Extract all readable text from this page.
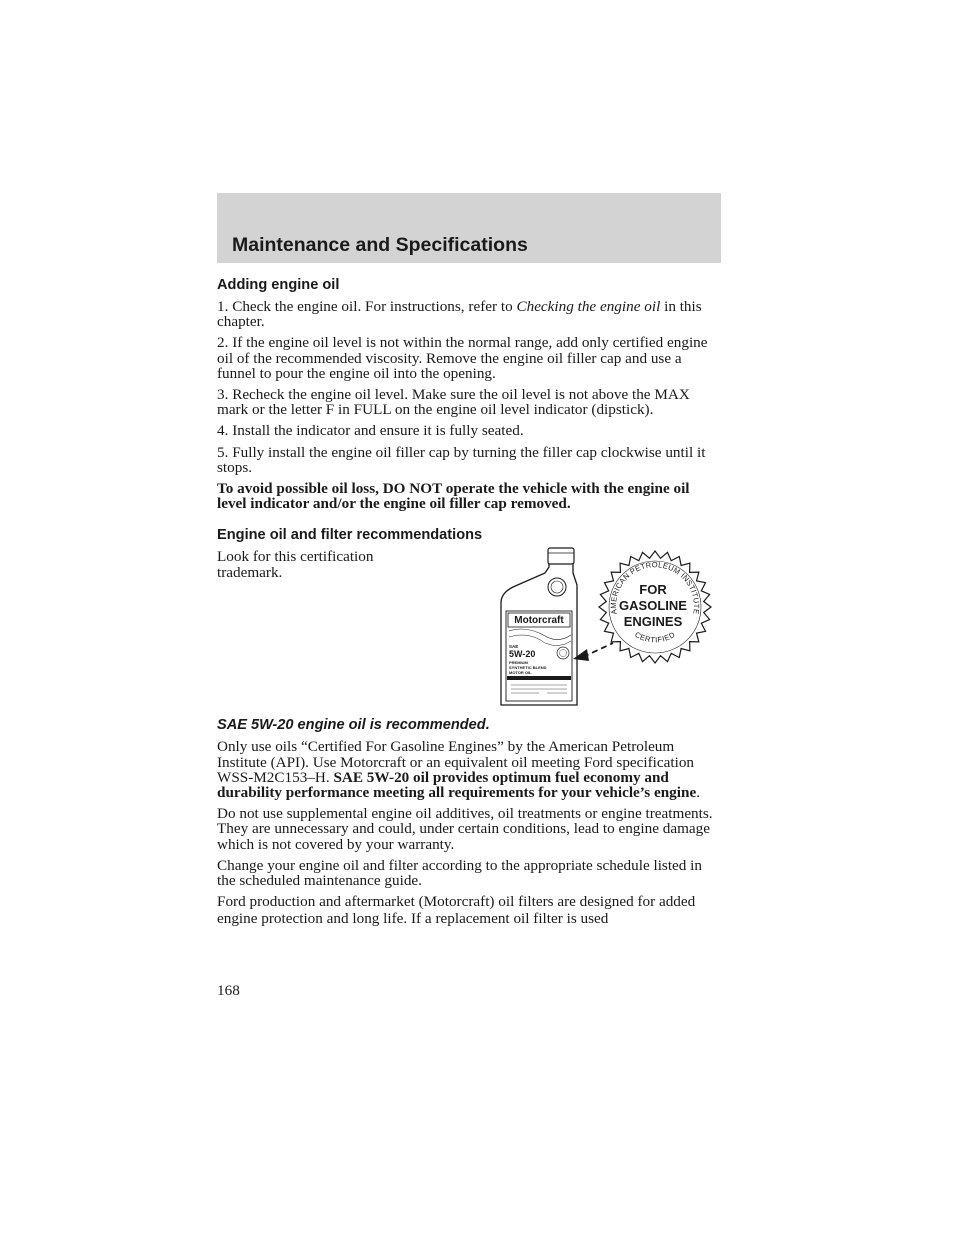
Maintenance and Specifications
Adding engine oil

1. Check the engine oil. For instructions, refer to Checking the engine oil in this chapter.

2. If the engine oil level is not within the normal range, add only certified engine oil of the recommended viscosity. Remove the engine oil filler cap and use a funnel to pour the engine oil into the opening.

3. Recheck the engine oil level. Make sure the oil level is not above the MAX mark or the letter F in FULL on the engine oil level indicator (dipstick).

4. Install the indicator and ensure it is fully seated.

5. Fully install the engine oil filler cap by turning the filler cap clockwise until it stops.

To avoid possible oil loss, DO NOT operate the vehicle with the engine oil level indicator and/or the engine oil filler cap removed.

Engine oil and filter recommendations

Look for this certification trademark.

Motorcraft
SAE
5W-20
PREMIUM
SYNTHETIC BLEND
MOTOR OIL
AMERICAN PETROLEUM INSTITUTE
CERTIFIED
FOR
GASOLINE
ENGINES
SAE 5W-20 engine oil is recommended.

Only use oils “Certified For Gasoline Engines” by the American Petroleum Institute (API). Use Motorcraft or an equivalent oil meeting Ford specification WSS-M2C153–H. SAE 5W-20 oil provides optimum fuel economy and durability performance meeting all requirements for your vehicle’s engine.

Do not use supplemental engine oil additives, oil treatments or engine treatments. They are unnecessary and could, under certain conditions, lead to engine damage which is not covered by your warranty.

Change your engine oil and filter according to the appropriate schedule listed in the scheduled maintenance guide.

Ford production and aftermarket (Motorcraft) oil filters are designed for added engine protection and long life. If a replacement oil filter is used

168
